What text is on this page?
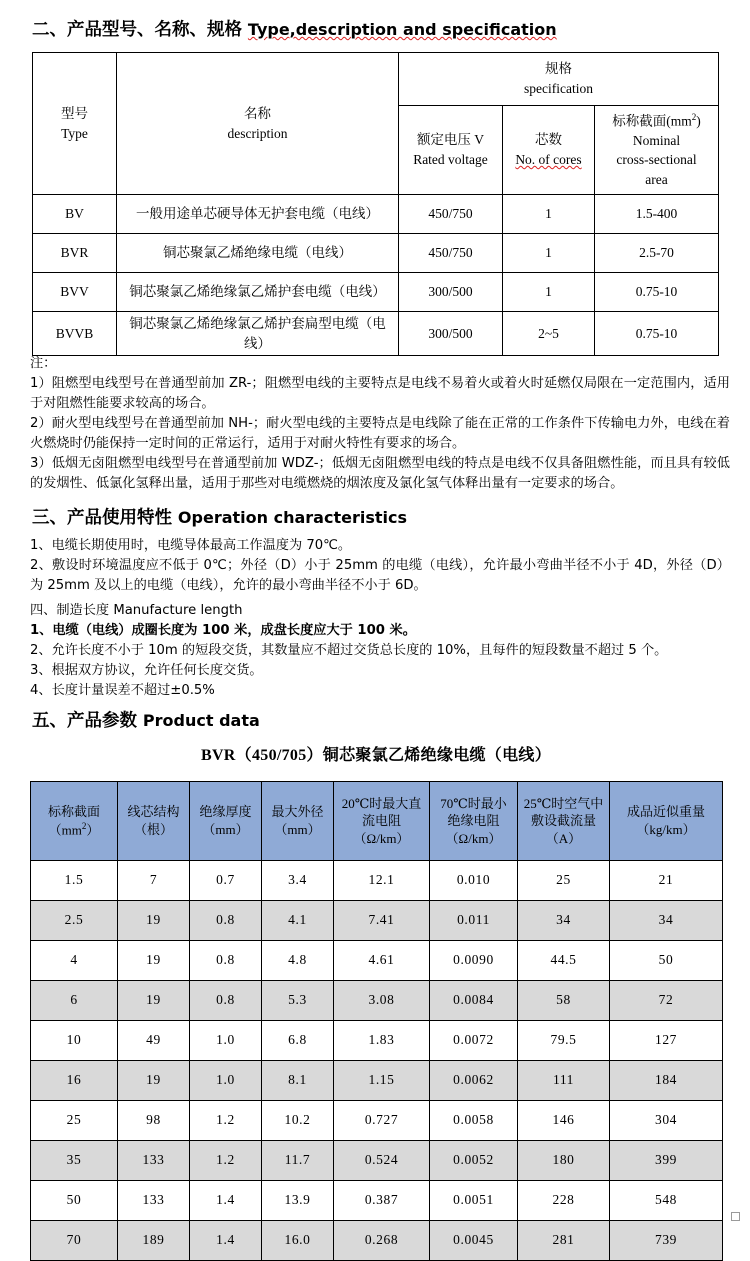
二、产品型号、名称、规格 Type,description and specification
型号
Type

名称
description

规格
specification

额定电压 V
Rated voltage

芯数
No. of cores

标称截面$(mm^2)$
Nominal
cross-sectional
area

BV	一般用途单芯硬导体无护套电缆（电线）	450/750	1	1.5-400
BVR	铜芯聚氯乙烯绝缘电缆（电线）	450/750	1	2.5-70
BVV	铜芯聚氯乙烯绝缘氯乙烯护套电缆（电线）	300/500	1	0.75-10
BVVB	铜芯聚氯乙烯绝缘氯乙烯护套扁型电缆（电线）	300/500	2~5	0.75-10

注：

1）阻燃型电线型号在普通型前加 ZR-；阻燃型电线的主要特点是电线不易着火或着火时延燃仅局限在一定范围内，适用于对阻燃性能要求较高的场合。

2）耐火型电线型号在普通型前加 NH-；耐火型电线的主要特点是电线除了能在正常的工作条件下传输电力外，电线在着火燃烧时仍能保持一定时间的正常运行，适用于对耐火特性有要求的场合。

3）低烟无卤阻燃型电线型号在普通型前加 WDZ-；低烟无卤阻燃型电线的特点是电线不仅具备阻燃性能，而且具有较低的发烟性、低氯化氢释出量，适用于那些对电缆燃烧的烟浓度及氯化氢气体释出量有一定要求的场合。

三、产品使用特性 Operation characteristics

1、电缆长期使用时，电缆导体最高工作温度为 70℃。

2、敷设时环境温度应不低于 0℃；外径（D）小于 25mm 的电缆（电线），允许最小弯曲半径不小于 4D，外径（D）为 25mm 及以上的电缆（电线），允许的最小弯曲半径不小于 6D。

四、制造长度 Manufacture length

1、电缆（电线）成圈长度为 100 米，成盘长度应大于 100 米。

2、允许长度不小于 10m 的短段交货，其数量应不超过交货总长度的 10%，且每件的短段数量不超过 5 个。

3、根据双方协议，允许任何长度交货。

4、长度计量误差不超过±0.5%

五、产品参数 Product data
BVR（450/705）铜芯聚氯乙烯绝缘电缆（电线）
标称截面
$(mm^2)$

线芯结构
（根）

绝缘厚度
（mm）

最大外径
（mm）

20℃时最大直
流电阻
（Ω/km）

70℃时最小
绝缘电阻
（Ω/km）

25℃时空气中
敷设截流量
（A）

成品近似重量
（kg/km）

1.5	7	0.7	3.4	12.1	0.010	25	21
2.5	19	0.8	4.1	7.41	0.011	34	34
4	19	0.8	4.8	4.61	0.0090	44.5	50
6	19	0.8	5.3	3.08	0.0084	58	72
10	49	1.0	6.8	1.83	0.0072	79.5	127
16	19	1.0	8.1	1.15	0.0062	111	184
25	98	1.2	10.2	0.727	0.0058	146	304
35	133	1.2	11.7	0.524	0.0052	180	399
50	133	1.4	13.9	0.387	0.0051	228	548
70	189	1.4	16.0	0.268	0.0045	281	739
